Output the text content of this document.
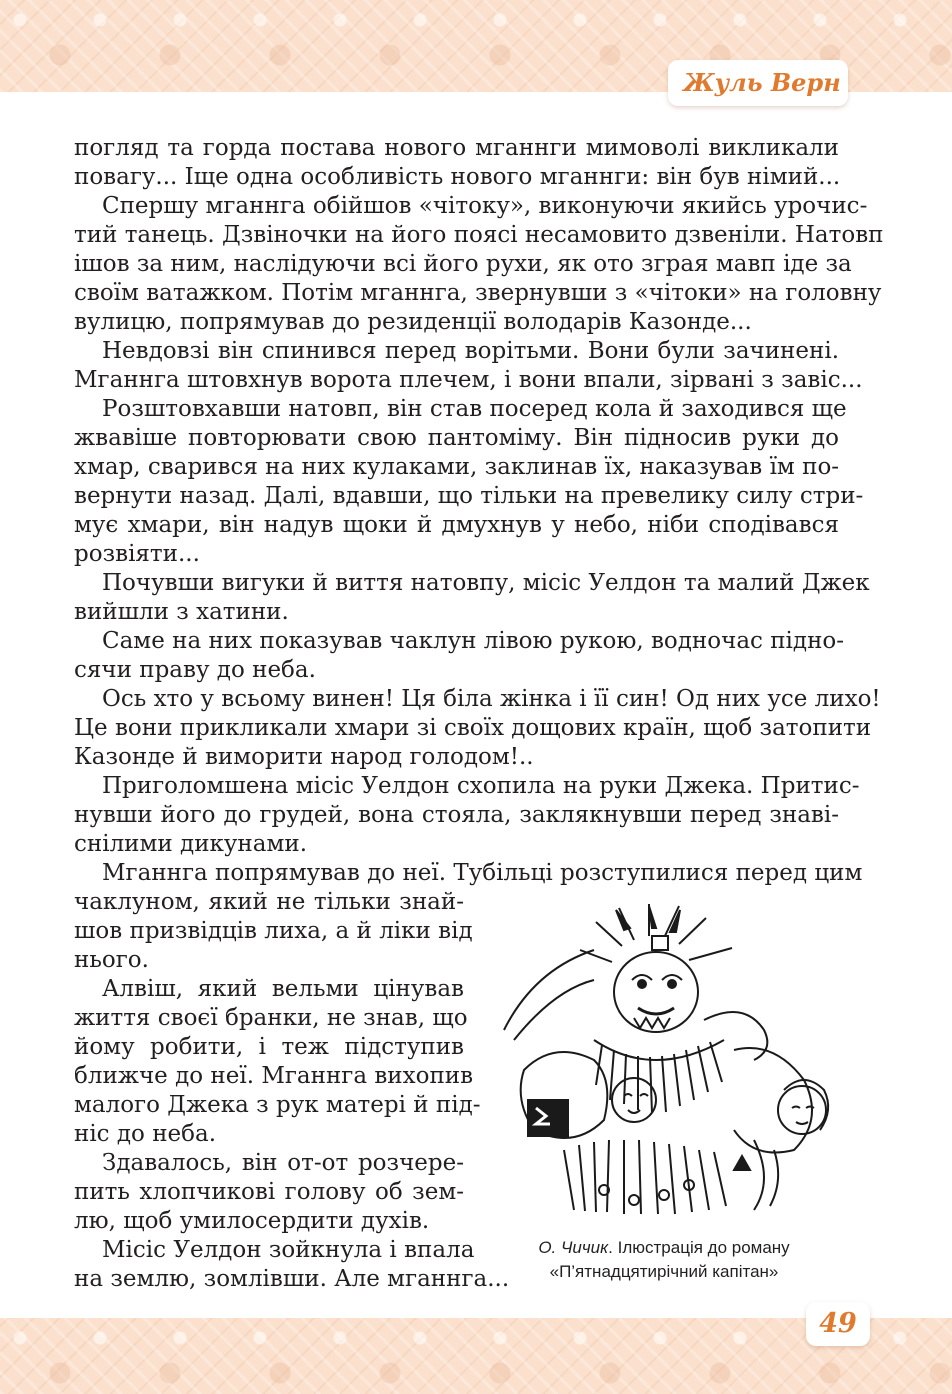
Жуль Верн

погляд та горда постава нового мганнги мимоволі викликали

повагу... Іще одна особливість нового мганнги: він був німий...

Спершу мганнга обійшов «чітоку», виконуючи якийсь урочис-

тий танець. Дзвіночки на його поясі несамовито дзвеніли. Натовп

ішов за ним, наслідуючи всі його рухи, як ото зграя мавп іде за

своїм ватажком. Потім мганнга, звернувши з «чітоки» на головну

вулицю, попрямував до резиденції володарів Казонде...

Невдовзі він спинився перед ворітьми. Вони були зачинені.

Мганнга штовхнув ворота плечем, і вони впали, зірвані з завіс...

Розштовхавши натовп, він став посеред кола й заходився ще

жвавіше повторювати свою пантоміму. Він підносив руки до

хмар, сварився на них кулаками, заклинав їх, наказував їм по-

вернути назад. Далі, вдавши, що тільки на превелику силу стри-

мує хмари, він надув щоки й дмухнув у небо, ніби сподівався

розвіяти...

Почувши вигуки й виття натовпу, місіс Уелдон та малий Джек

вийшли з хатини.

Саме на них показував чаклун лівою рукою, водночас підно-

сячи праву до неба.

Ось хто у всьому винен! Ця біла жінка і її син! Од них усе лихо!

Це вони прикликали хмари зі своїх дощових країн, щоб затопити

Казонде й виморити народ голодом!..

Приголомшена місіс Уелдон схопила на руки Джека. Притис-

нувши його до грудей, вона стояла, заклякнувши перед знаві-

снілими дикунами.

Мганнга попрямував до неї. Тубільці розступилися перед цим

чаклуном, який не тільки знай-

шов призвідців лиха, а й ліки від

нього.

Алвіш, який вельми цінував

життя своєї бранки, не знав, що

йому робити, і теж підступив

ближче до неї. Мганнга вихопив

малого Джека з рук матері й під-

ніс до неба.

Здавалось, він от-от розчере-

пить хлопчикові голову об зем-

лю, щоб умилосердити духів.

Місіс Уелдон зойкнула і впала

на землю, зомлівши. Але мганнга...

О. Чичик. Ілюстрація до роману
«П’ятнадцятирічний капітан»
49
